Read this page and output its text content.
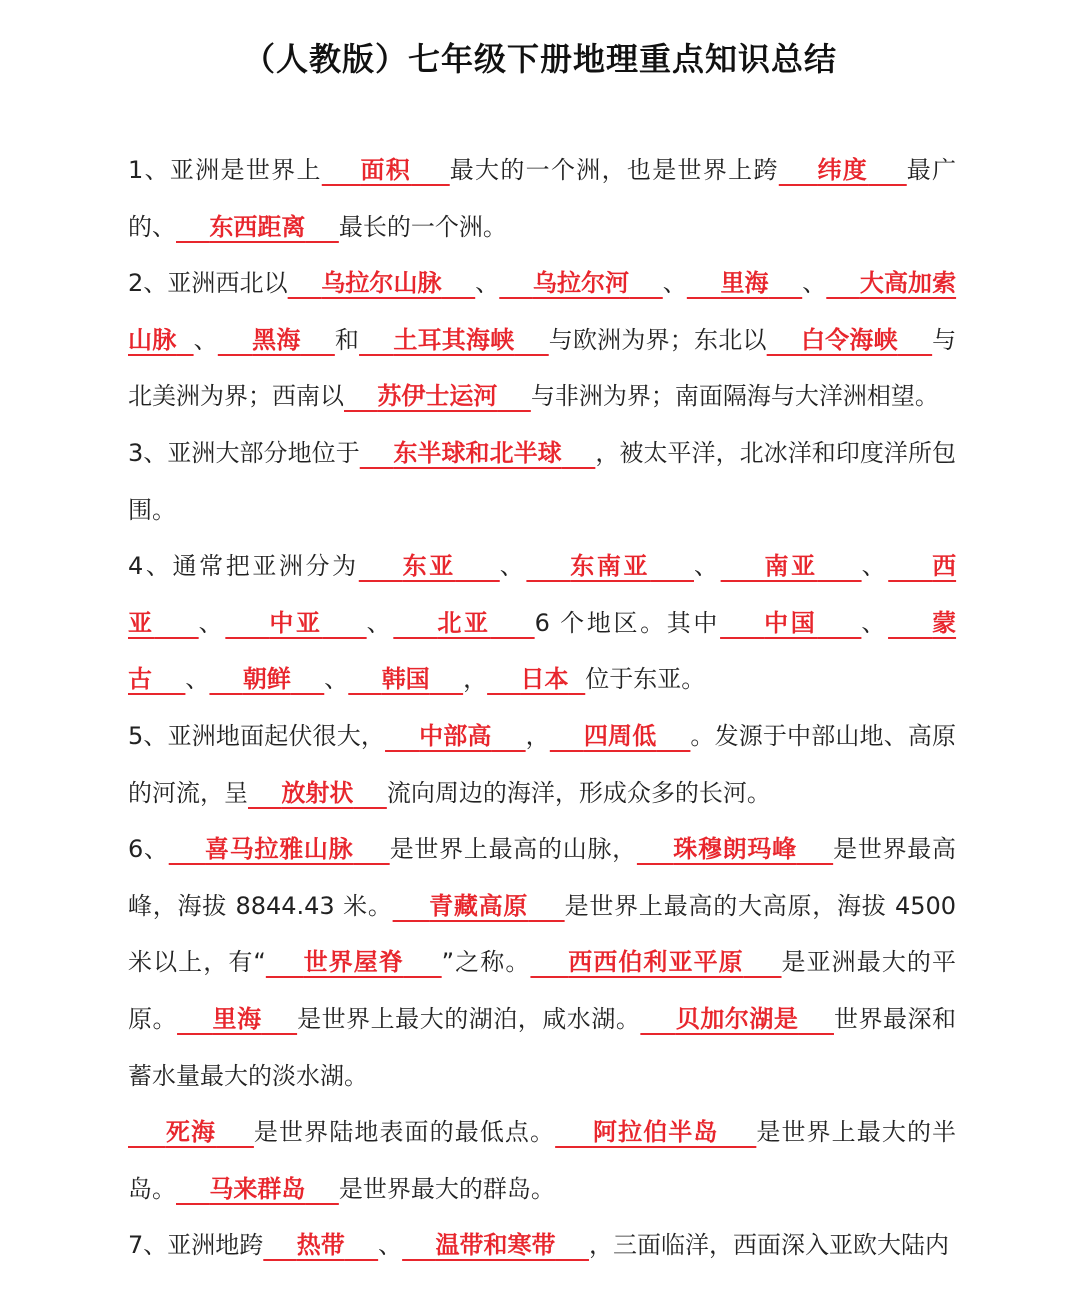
（人教版）七年级下册地理重点知识总结

1、亚洲是世界上 面积 最大的一个洲，也是世界上跨 纬度 最广的、 东西距离 最长的一个洲。

2、亚洲西北以 乌拉尔山脉 、 乌拉尔河 、 里海 、 大高加索山脉 、 黑海 和 土耳其海峡 与欧洲为界；东北以 白令海峡 与北美洲为界；西南以 苏伊士运河 与非洲为界；南面隔海与大洋洲相望。

3、亚洲大部分地位于 东半球和北半球 ，被太平洋，北冰洋和印度洋所包围。

4、通常把亚洲分为 东亚 、 东南亚 、 南亚 、 西亚 、 中亚 、 北亚 6 个地区。其中 中国 、 蒙古 、 朝鲜 、 韩国 ， 日本 位于东亚。

5、亚洲地面起伏很大， 中部高 ， 四周低 。发源于中部山地、高原的河流，呈 放射状 流向周边的海洋，形成众多的长河。

6、 喜马拉雅山脉 是世界上最高的山脉， 珠穆朗玛峰 是世界最高峰，海拔 8844.43 米。 青藏高原 是世界上最高的大高原，海拔 4500 米以上，有“ 世界屋脊 ”之称。 西西伯利亚平原 是亚洲最大的平原。 里海 是世界上最大的湖泊，咸水湖。 贝加尔湖是 世界最深和蓄水量最大的淡水湖。

死海 是世界陆地表面的最低点。 阿拉伯半岛 是世界上最大的半岛。 马来群岛 是世界最大的群岛。

7、亚洲地跨 热带 、 温带和寒带 ，三面临洋，西面深入亚欧大陆内
